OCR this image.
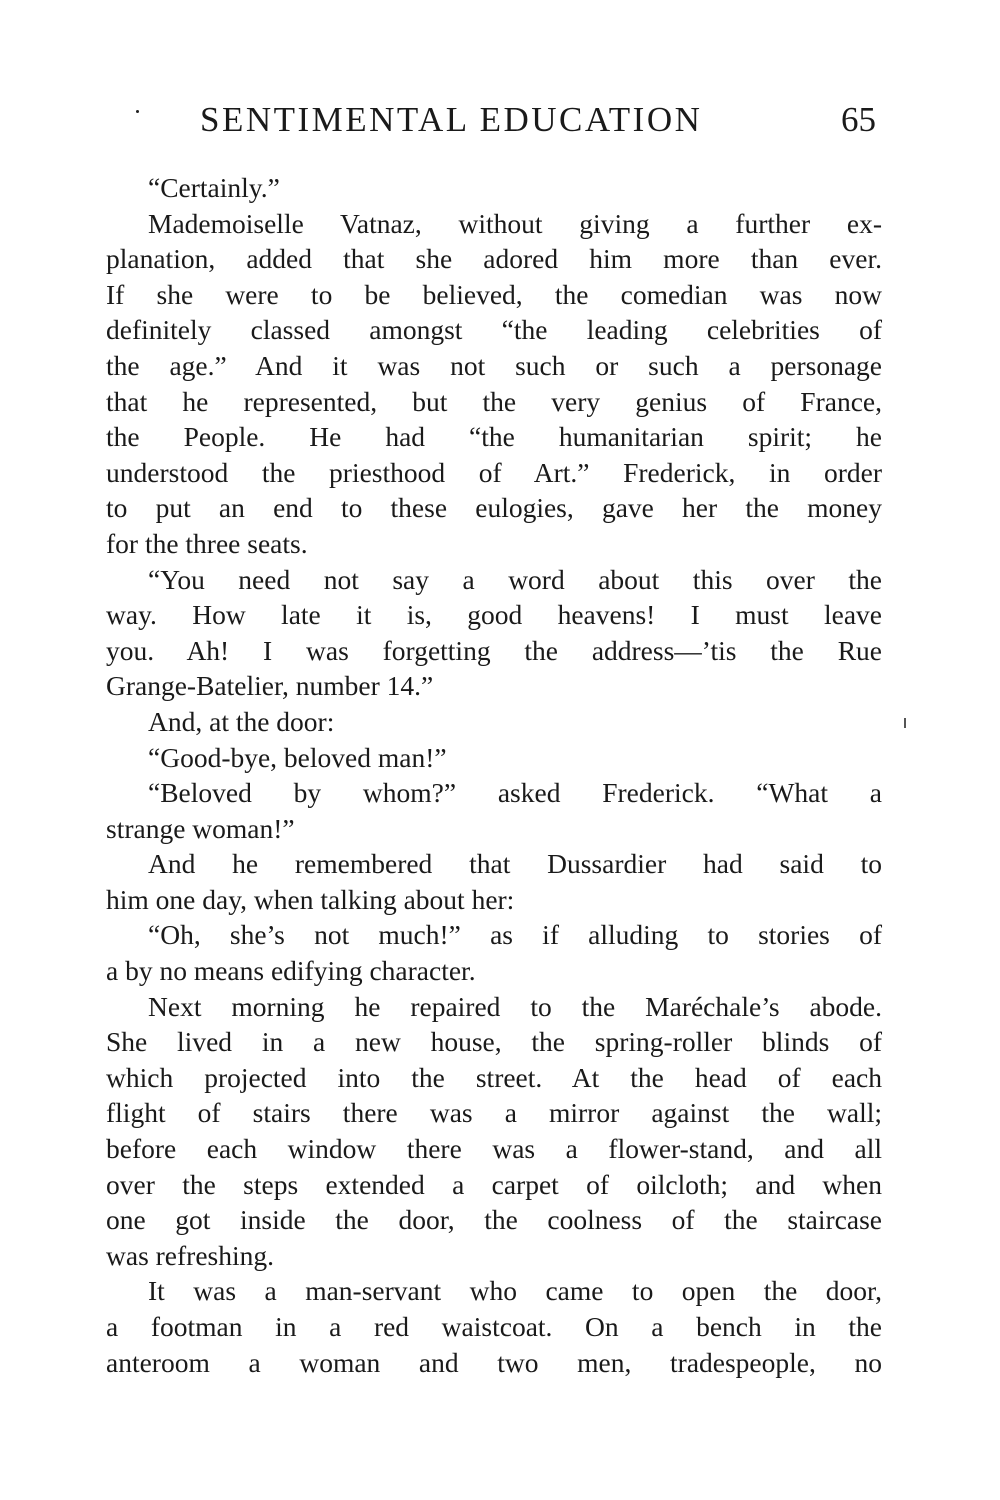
SENTIMENTAL EDUCATION	65
“Certainly.”
Mademoiselle Vatnaz, without giving a further ex-
planation, added that she adored him more than ever.
If she were to be believed, the comedian was now
definitely classed amongst “the leading celebrities of
the age.” And it was not such or such a personage
that he represented, but the very genius of France,
the People. He had “the humanitarian spirit; he
understood the priesthood of Art.” Frederick, in order
to put an end to these eulogies, gave her the money
for the three seats.
“You need not say a word about this over the
way. How late it is, good heavens! I must leave
you. Ah! I was forgetting the address—’tis the Rue
Grange-Batelier, number 14.”
And, at the door:
“Good-bye, beloved man!”
“Beloved by whom?” asked Frederick. “What a
strange woman!”
And he remembered that Dussardier had said to
him one day, when talking about her:
“Oh, she’s not much!” as if alluding to stories of
a by no means edifying character.
Next morning he repaired to the Maréchale’s abode.
She lived in a new house, the spring-roller blinds of
which projected into the street. At the head of each
flight of stairs there was a mirror against the wall;
before each window there was a flower-stand, and all
over the steps extended a carpet of oilcloth; and when
one got inside the door, the coolness of the staircase
was refreshing.
It was a man-servant who came to open the door,
a footman in a red waistcoat. On a bench in the
anteroom a woman and two men, tradespeople, no
